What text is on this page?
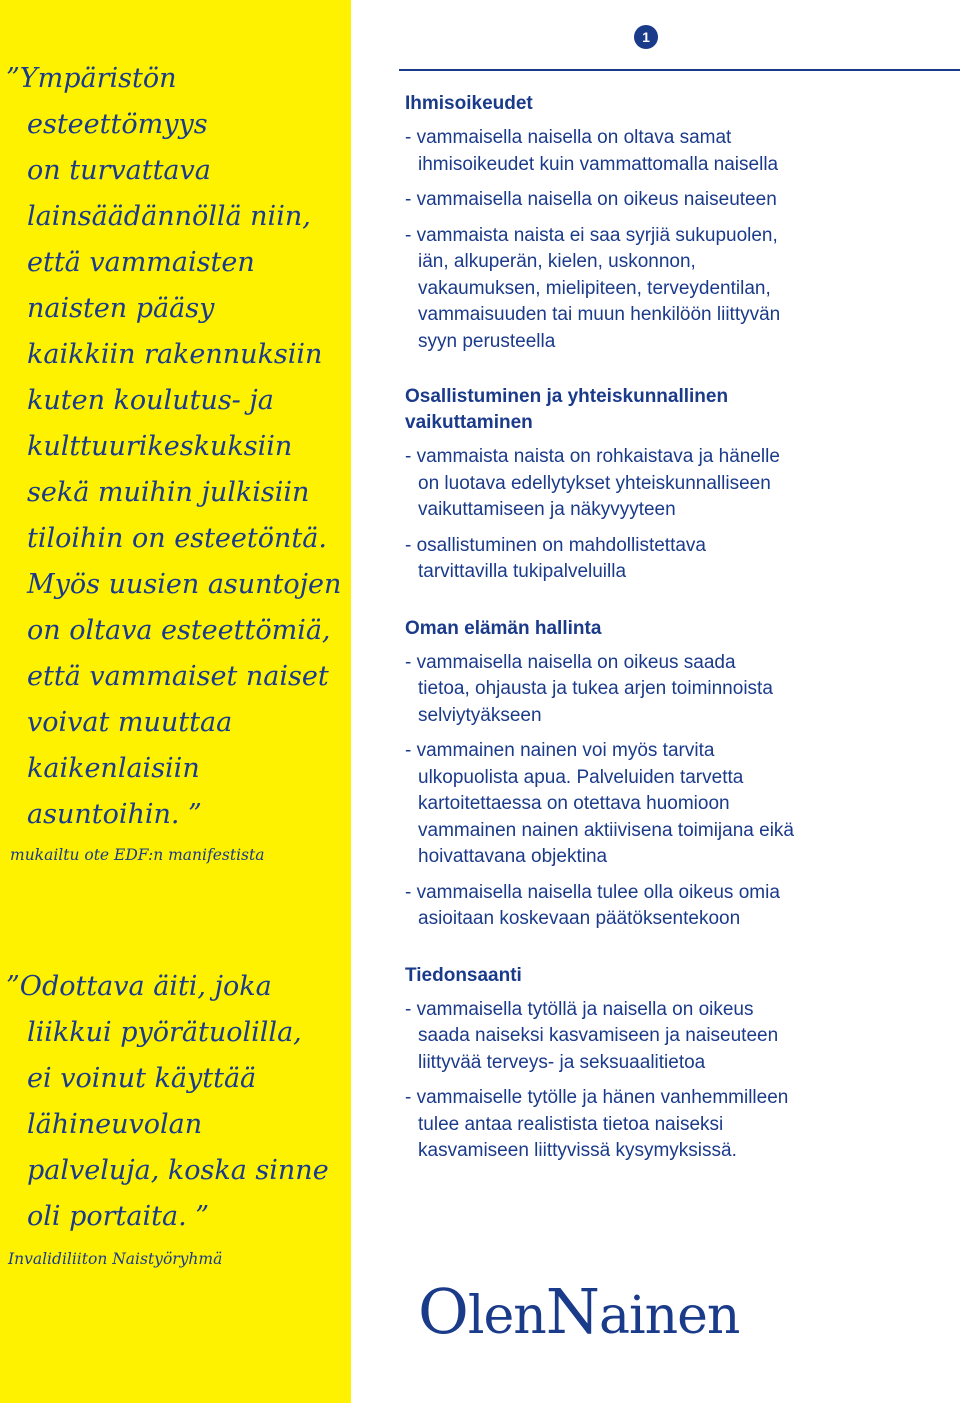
”Ympäristön
esteettömyys
on turvattava
lainsäädännöllä niin,
että vammaisten
naisten pääsy
kaikkiin rakennuksiin
kuten koulutus- ja
kulttuurikeskuksiin
sekä muihin julkisiin
tiloihin on esteetöntä.
Myös uusien asuntojen
on oltava esteettömiä,
että vammaiset naiset
voivat muuttaa
kaikenlaisiin
asuntoihin. ”

mukailtu ote EDF:n manifestista

”Odottava äiti, joka
liikkui pyörätuolilla,
ei voinut käyttää
lähineuvolan
palveluja, koska sinne
oli portaita. ”

Invalidiliiton Naistyöryhmä
1

Ihmisoikeudet

- vammaisella naisella on oltava samat
ihmisoikeudet kuin vammattomalla naisella

- vammaisella naisella on oikeus naiseuteen

- vammaista naista ei saa syrjiä sukupuolen,
iän, alkuperän, kielen, uskonnon,
vakaumuksen, mielipiteen, terveydentilan,
vammaisuuden tai muun henkilöön liittyvän
syyn perusteella

Osallistuminen ja yhteiskunnallinen

vaikuttaminen

- vammaista naista on rohkaistava ja hänelle
on luotava edellytykset yhteiskunnalliseen
vaikuttamiseen ja näkyvyyteen

- osallistuminen on mahdollistettava
tarvittavilla tukipalveluilla

Oman elämän hallinta

- vammaisella naisella on oikeus saada
tietoa, ohjausta ja tukea arjen toiminnoista
selviytyäkseen

- vammainen nainen voi myös tarvita
ulkopuolista apua. Palveluiden tarvetta
kartoitettaessa on otettava huomioon
vammainen nainen aktiivisena toimijana eikä
hoivattavana objektina

- vammaisella naisella tulee olla oikeus omia
asioitaan koskevaan päätöksentekoon

Tiedonsaanti

- vammaisella tytöllä ja naisella on oikeus
saada naiseksi kasvamiseen ja naiseuteen
liittyvää terveys- ja seksuaalitietoa

- vammaiselle tytölle ja hänen vanhemmilleen
tulee antaa realistista tietoa naiseksi
kasvamiseen liittyvissä kysymyksissä.

OlenNainen
